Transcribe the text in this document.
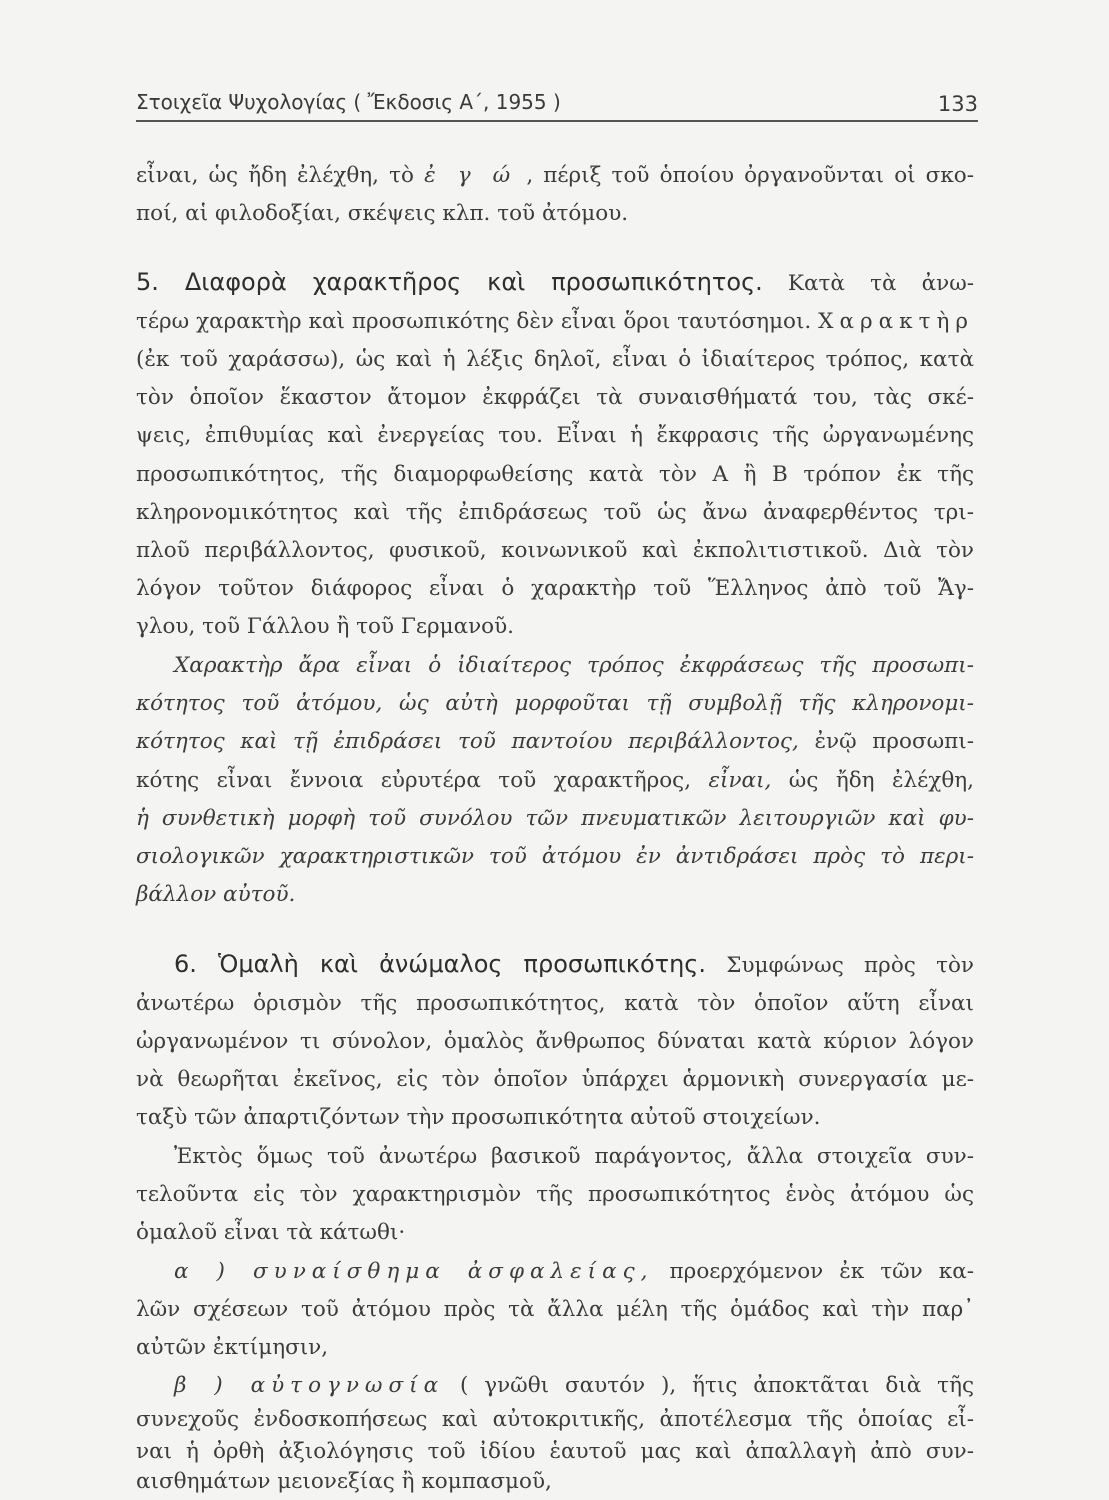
Στοιχεῖα Ψυχολογίας ( Ἔκδοσις Α΄, 1955 )	133
εἶναι, ὡς ἤδη ἐλέχθη, τὸ ἐ γ ώ , πέριξ τοῦ ὁποίου ὀργανοῦνται οἱ σκο-
ποί, αἱ φιλοδοξίαι, σκέψεις κλπ. τοῦ ἀτόμου.
5. Διαφορὰ χαρακτῆρος καὶ προσωπικότητος. Κατὰ τὰ ἀνω-
τέρω χαρακτὴρ καὶ προσωπικότης δὲν εἶναι ὅροι ταυτόσημοι. Χαρακτὴρ
(ἐκ τοῦ χαράσσω), ὡς καὶ ἡ λέξις δηλοῖ, εἶναι ὁ ἰδιαίτερος τρόπος, κατὰ
τὸν ὁποῖον ἕκαστον ἄτομον ἐκφράζει τὰ συναισθήματά του, τὰς σκέ-
ψεις, ἐπιθυμίας καὶ ἐνεργείας του. Εἶναι ἡ ἔκφρασις τῆς ὠργανωμένης
προσωπικότητος, τῆς διαμορφωθείσης κατὰ τὸν Α ἢ Β τρόπον ἐκ τῆς
κληρονομικότητος καὶ τῆς ἐπιδράσεως τοῦ ὡς ἄνω ἀναφερθέντος τρι-
πλοῦ περιβάλλοντος, φυσικοῦ, κοινωνικοῦ καὶ ἐκπολιτιστικοῦ. Διὰ τὸν
λόγον τοῦτον διάφορος εἶναι ὁ χαρακτὴρ τοῦ Ἕλληνος ἀπὸ τοῦ Ἄγ-
γλου, τοῦ Γάλλου ἢ τοῦ Γερμανοῦ.
Χαρακτὴρ ἄρα εἶναι ὁ ἰδιαίτερος τρόπος ἐκφράσεως τῆς προσωπι-
κότητος τοῦ ἀτόμου, ὡς αὐτὴ μορφοῦται τῇ συμβολῇ τῆς κληρονομι-
κότητος καὶ τῇ ἐπιδράσει τοῦ παντοίου περιβάλλοντος, ἐνῷ προσωπι-
κότης εἶναι ἔννοια εὐρυτέρα τοῦ χαρακτῆρος, εἶναι, ὡς ἤδη ἐλέχθη,
ἡ συνθετικὴ μορφὴ τοῦ συνόλου τῶν πνευματικῶν λειτουργιῶν καὶ φυ-
σιολογικῶν χαρακτηριστικῶν τοῦ ἀτόμου ἐν ἀντιδράσει πρὸς τὸ περι-
βάλλον αὐτοῦ.
6. Ὁμαλὴ καὶ ἀνώμαλος προσωπικότης. Συμφώνως πρὸς τὸν
ἀνωτέρω ὁρισμὸν τῆς προσωπικότητος, κατὰ τὸν ὁποῖον αὕτη εἶναι
ὠργανωμένον τι σύνολον, ὁμαλὸς ἄνθρωπος δύναται κατὰ κύριον λόγον
νὰ θεωρῆται ἐκεῖνος, εἰς τὸν ὁποῖον ὑπάρχει ἁρμονικὴ συνεργασία με-
ταξὺ τῶν ἀπαρτιζόντων τὴν προσωπικότητα αὐτοῦ στοιχείων.
Ἐκτὸς ὅμως τοῦ ἀνωτέρω βασικοῦ παράγοντος, ἄλλα στοιχεῖα συν-
τελοῦντα εἰς τὸν χαρακτηρισμὸν τῆς προσωπικότητος ἑνὸς ἀτόμου ὡς
ὁμαλοῦ εἶναι τὰ κάτωθι·
α ) συναίσθημα ἀσφαλείας, προερχόμενον ἐκ τῶν κα-
λῶν σχέσεων τοῦ ἀτόμου πρὸς τὰ ἄλλα μέλη τῆς ὁμάδος καὶ τὴν παρ᾽
αὐτῶν ἐκτίμησιν,
β ) αὐτογνωσία ( γνῶθι σαυτόν ), ἥτις ἀποκτᾶται διὰ τῆς
συνεχοῦς ἐνδοσκοπήσεως καὶ αὐτοκριτικῆς, ἀποτέλεσμα τῆς ὁποίας εἶ-
ναι ἡ ὀρθὴ ἀξιολόγησις τοῦ ἰδίου ἑαυτοῦ μας καὶ ἀπαλλαγὴ ἀπὸ συν-
αισθημάτων μειονεξίας ἢ κομπασμοῦ,
